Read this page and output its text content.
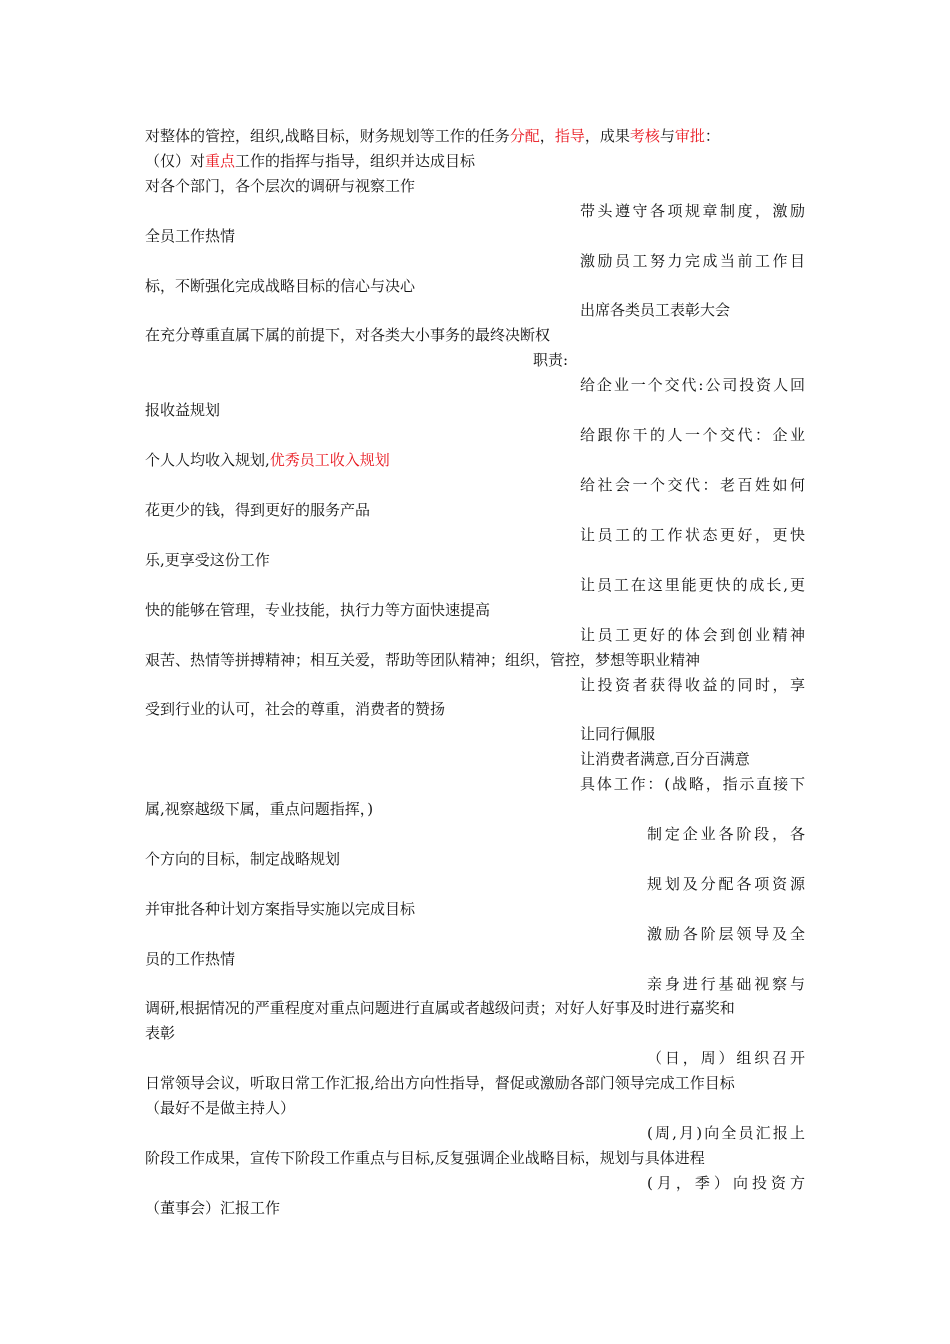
对整体的管控，组织,战略目标，财务规划等工作的任务分配，指导，成果考核与审批：
（仅）对重点工作的指挥与指导，组织并达成目标
对各个部门，各个层次的调研与视察工作
带头遵守各项规章制度，激励
全员工作热情
激励员工努力完成当前工作目
标，不断强化完成战略目标的信心与决心
出席各类员工表彰大会
在充分尊重直属下属的前提下，对各类大小事务的最终决断权
职责:
给企业一个交代:公司投资人回
报收益规划
给跟你干的人一个交代：企业
个人人均收入规划,优秀员工收入规划
给社会一个交代：老百姓如何
花更少的钱，得到更好的服务产品
让员工的工作状态更好，更快
乐,更享受这份工作
让员工在这里能更快的成长,更
快的能够在管理，专业技能，执行力等方面快速提高
让员工更好的体会到创业精神
艰苦、热情等拼搏精神；相互关爱，帮助等团队精神；组织，管控，梦想等职业精神
让投资者获得收益的同时，享
受到行业的认可，社会的尊重，消费者的赞扬
让同行佩服
让消费者满意,百分百满意
具体工作：(战略，指示直接下
属,视察越级下属，重点问题指挥，)
制定企业各阶段，各
个方向的目标，制定战略规划
规划及分配各项资源
并审批各种计划方案指导实施以完成目标
激励各阶层领导及全
员的工作热情
亲身进行基础视察与
调研,根据情况的严重程度对重点问题进行直属或者越级问责；对好人好事及时进行嘉奖和
表彰
（日，周）组织召开
日常领导会议，听取日常工作汇报,给出方向性指导，督促或激励各部门领导完成工作目标
（最好不是做主持人）
(周,月)向全员汇报上
阶段工作成果，宣传下阶段工作重点与目标,反复强调企业战略目标，规划与具体进程
(月，季）向投资方
（董事会）汇报工作
